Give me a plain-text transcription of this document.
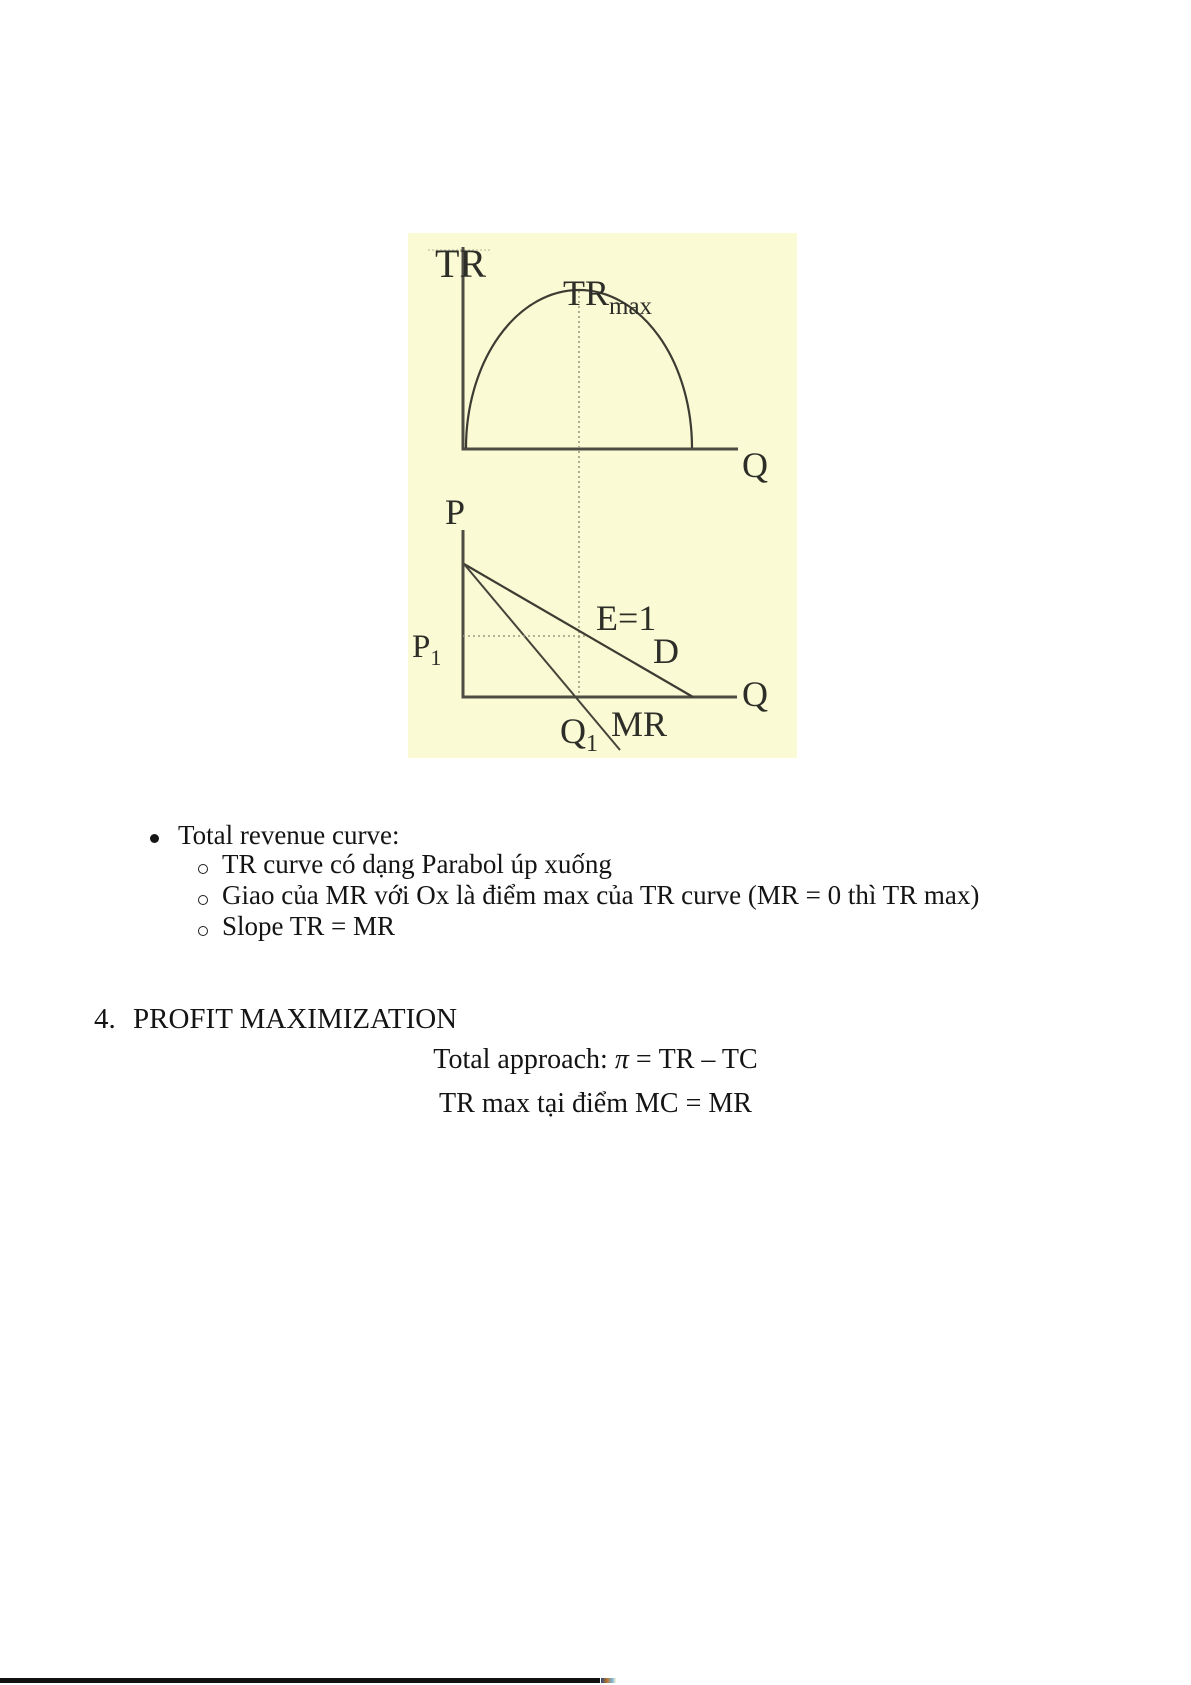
TR
$TR_{max}$
Q
P
$P_1$
E=1
D
Q
$Q_1$ MR
Total revenue curve:
TR curve có dạng Parabol úp xuống
Giao của MR với Ox là điểm max của TR curve (MR = 0 thì TR max)
Slope TR = MR
4. PROFIT MAXIMIZATION
Total approach: π = TR – TC
TR max tại điểm MC = MR
